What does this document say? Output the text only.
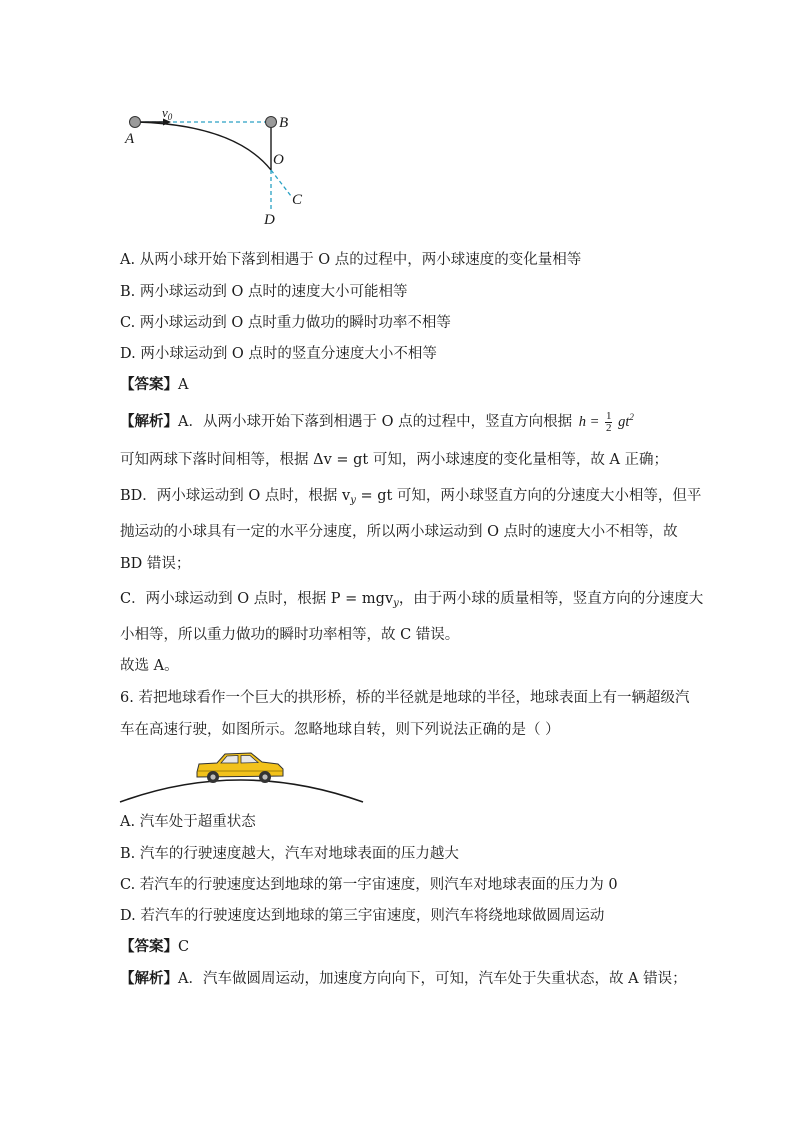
A
$v_0$	B
O
C
D
A. 从两小球开始下落到相遇于 O 点的过程中，两小球速度的变化量相等
B. 两小球运动到 O 点时的速度大小可能相等
C. 两小球运动到 O 点时重力做功的瞬时功率不相等
D. 两小球运动到 O 点时的竖直分速度大小不相等
【答案】A
【解析】A．从两小球开始下落到相遇于 O 点的过程中，竖直方向根据 $h = \frac{1}{2} gt^2$
可知两球下落时间相等，根据 Δv = gt 可知，两小球速度的变化量相等，故 A 正确；
BD．两小球运动到 O 点时，根据 $v_y$ = gt 可知，两小球竖直方向的分速度大小相等，但平
抛运动的小球具有一定的水平分速度，所以两小球运动到 O 点时的速度大小不相等，故
BD 错误；
C．两小球运动到 O 点时，根据 P = mgv$_y$，由于两小球的质量相等，竖直方向的分速度大
小相等，所以重力做功的瞬时功率相等，故 C 错误。
故选 A。
6. 若把地球看作一个巨大的拱形桥，桥的半径就是地球的半径，地球表面上有一辆超级汽
车在高速行驶，如图所示。忽略地球自转，则下列说法正确的是（ ）
A. 汽车处于超重状态
B. 汽车的行驶速度越大，汽车对地球表面的压力越大
C. 若汽车的行驶速度达到地球的第一宇宙速度，则汽车对地球表面的压力为 0
D. 若汽车的行驶速度达到地球的第三宇宙速度，则汽车将绕地球做圆周运动
【答案】C
【解析】A．汽车做圆周运动，加速度方向向下，可知，汽车处于失重状态，故 A 错误；
